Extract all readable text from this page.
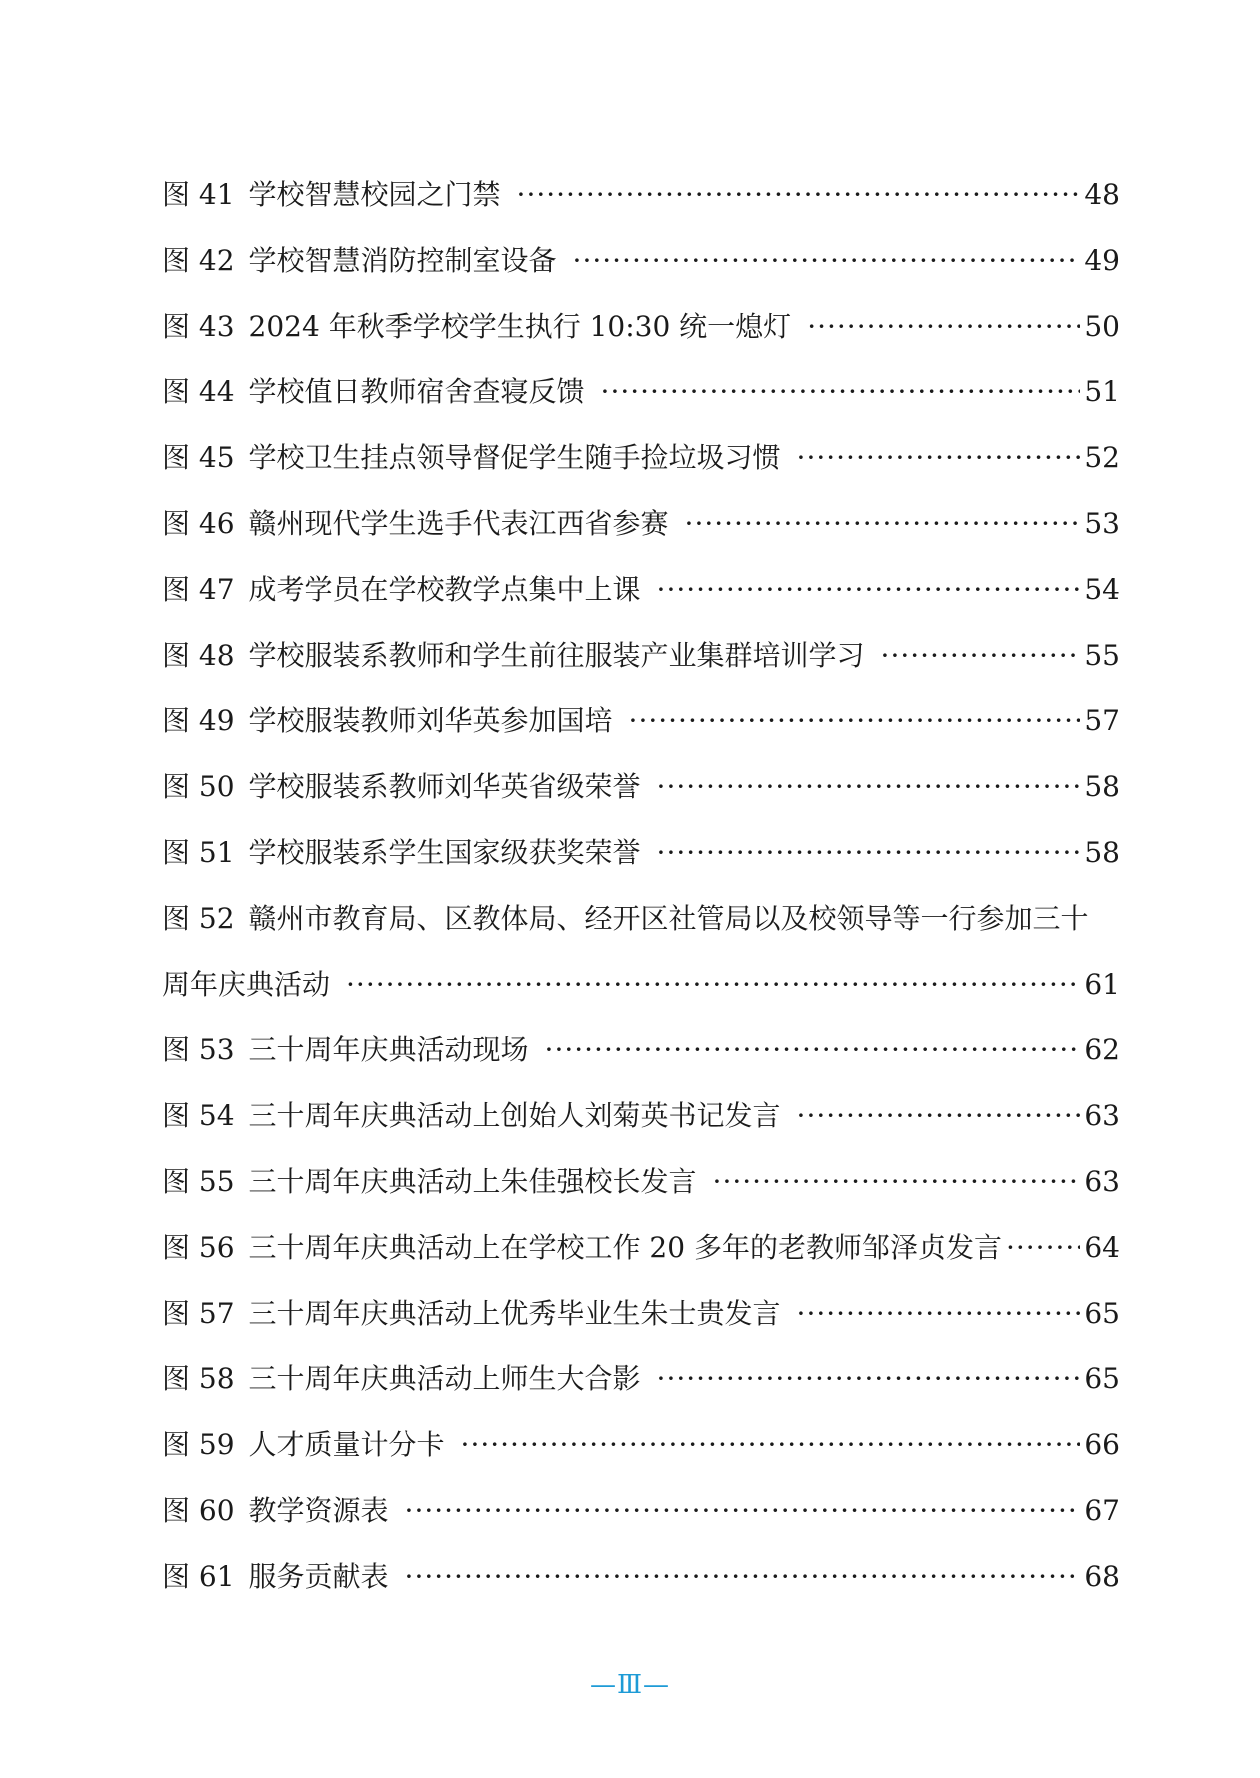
图 41 学校智慧校园之门禁 ·····	48
图 42 学校智慧消防控制室设备 ·····	49
图 43 2024 年秋季学校学生执行 10:30 统一熄灯 ·····	50
图 44 学校值日教师宿舍查寝反馈 ·····	51
图 45 学校卫生挂点领导督促学生随手捡垃圾习惯 ·····	52
图 46 赣州现代学生选手代表江西省参赛 ·····	53
图 47 成考学员在学校教学点集中上课 ·····	54
图 48 学校服装系教师和学生前往服装产业集群培训学习 ·····	55
图 49 学校服装教师刘华英参加国培 ·····	57
图 50 学校服装系教师刘华英省级荣誉 ·····	58
图 51 学校服装系学生国家级获奖荣誉 ·····	58
图 52 赣州市教育局、区教体局、经开区社管局以及校领导等一行参加三十
周年庆典活动 ·····	61
图 53 三十周年庆典活动现场 ·····	62
图 54 三十周年庆典活动上创始人刘菊英书记发言 ·····	63
图 55 三十周年庆典活动上朱佳强校长发言 ·····	63
图 56 三十周年庆典活动上在学校工作 20 多年的老教师邹泽贞发言 ·····	64
图 57 三十周年庆典活动上优秀毕业生朱士贵发言 ·····	65
图 58 三十周年庆典活动上师生大合影 ·····	65
图 59 人才质量计分卡 ·····	66
图 60 教学资源表 ·····	67
图 61 服务贡献表 ·····	68
—Ⅲ—
